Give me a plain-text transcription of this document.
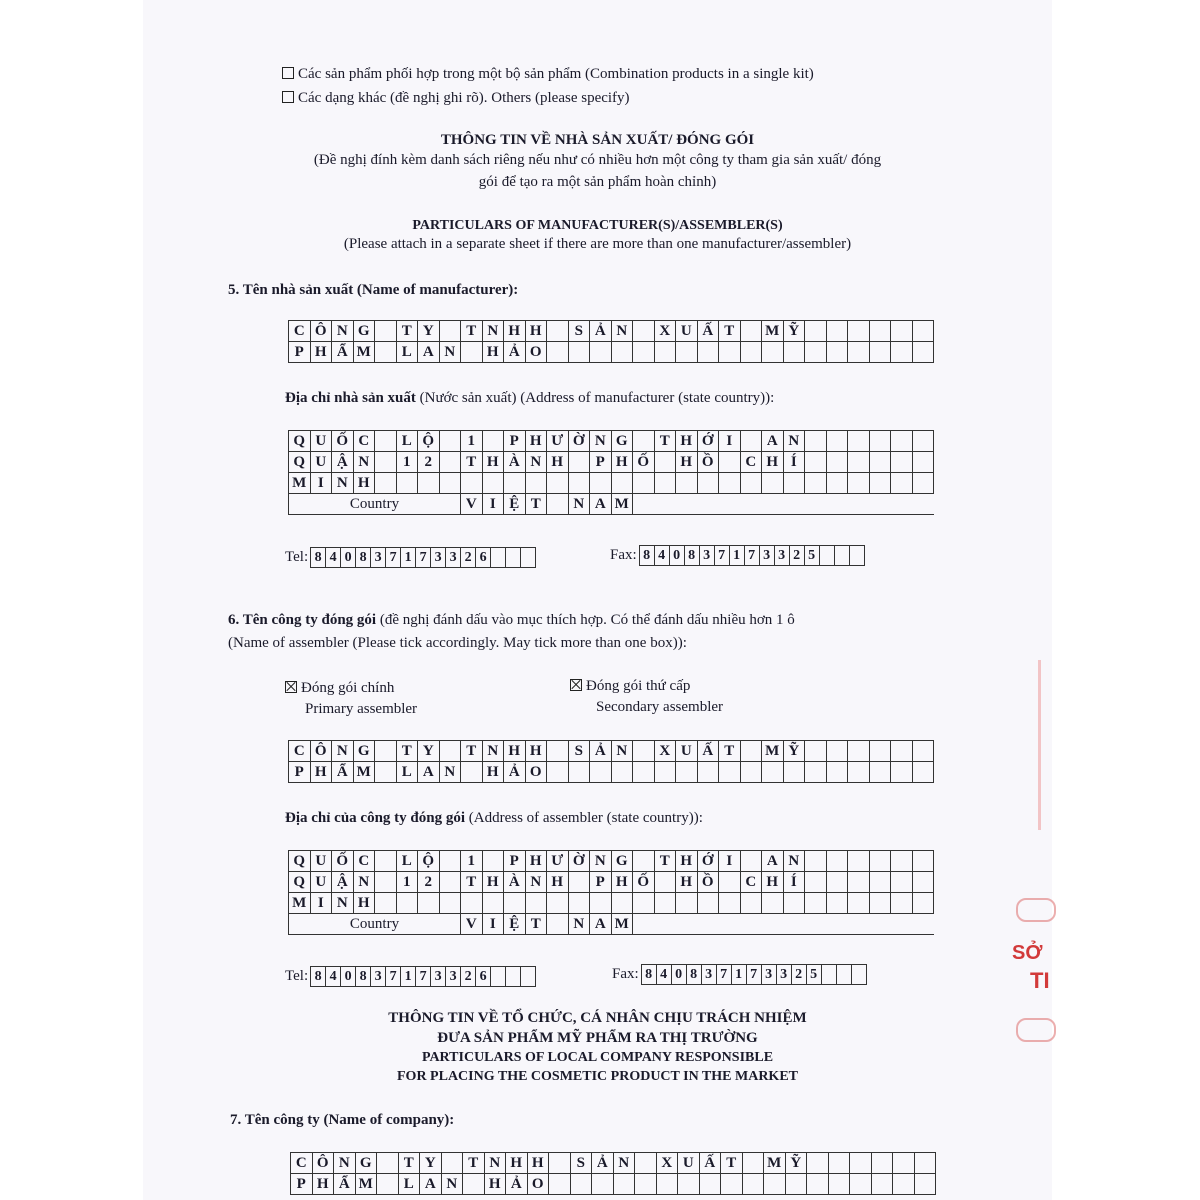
Các sản phẩm phối hợp trong một bộ sản phẩm (Combination products in a single kit)
Các dạng khác (đề nghị ghi rõ). Others (please specify)
THÔNG TIN VỀ NHÀ SẢN XUẤT/ ĐÓNG GÓI
(Đề nghị đính kèm danh sách riêng nếu như có nhiều hơn một công ty tham gia sản xuất/ đóng
gói để tạo ra một sản phẩm hoàn chỉnh)
PARTICULARS OF MANUFACTURER(S)/ASSEMBLER(S)
(Please attach in a separate sheet if there are more than one manufacturer/assembler)
5. Tên nhà sản xuất (Name of manufacturer):
C	Ô	N	G		T	Y		T	N	H	H		S	Ả	N		X	U	Ấ	T		M	Ỹ						
P	H	Ẩ	M		L	A	N		H	Ả	O																		
Địa chỉ nhà sản xuất (Nước sản xuất) (Address of manufacturer (state country)):
Q	U	Ố	C		L	Ộ		1		P	H	Ư	Ờ	N	G		T	H	Ớ	I		A	N						
Q	U	Ậ	N		1	2		T	H	À	N	H		P	H	Ố		H	Ồ		C	H	Í						
M	I	N	H																										
Country								V	I	Ệ	T		N	A	M														
Tel: 8 4 0 8 3 7 1 7 3 3 2 6	Fax: 8 4 0 8 3 7 1 7 3 3 2 5
6. Tên công ty đóng gói (đề nghị đánh dấu vào mục thích hợp. Có thể đánh dấu nhiều hơn 1 ô
(Name of assembler (Please tick accordingly. May tick more than one box)):
Đóng gói chính
Primary assembler
Đóng gói thứ cấp
Secondary assembler
C	Ô	N	G		T	Y		T	N	H	H		S	Ả	N		X	U	Ấ	T		M	Ỹ						
P	H	Ẩ	M		L	A	N		H	Ả	O																		
Địa chỉ của công ty đóng gói (Address of assembler (state country)):
Q	U	Ố	C		L	Ộ		1		P	H	Ư	Ờ	N	G		T	H	Ớ	I		A	N						
Q	U	Ậ	N		1	2		T	H	À	N	H		P	H	Ố		H	Ồ		C	H	Í						
M	I	N	H																										
Country								V	I	Ệ	T		N	A	M														
Tel: 8 4 0 8 3 7 1 7 3 3 2 6	Fax: 8 4 0 8 3 7 1 7 3 3 2 5
THÔNG TIN VỀ TỔ CHỨC, CÁ NHÂN CHỊU TRÁCH NHIỆM
ĐƯA SẢN PHẨM MỸ PHẨM RA THỊ TRƯỜNG
PARTICULARS OF LOCAL COMPANY RESPONSIBLE
FOR PLACING THE COSMETIC PRODUCT IN THE MARKET
7. Tên công ty (Name of company):
C	Ô	N	G		T	Y		T	N	H	H		S	Ả	N		X	U	Ấ	T		M	Ỹ						
P	H	Ẩ	M		L	A	N		H	Ả	O																		
SỞ
TI
